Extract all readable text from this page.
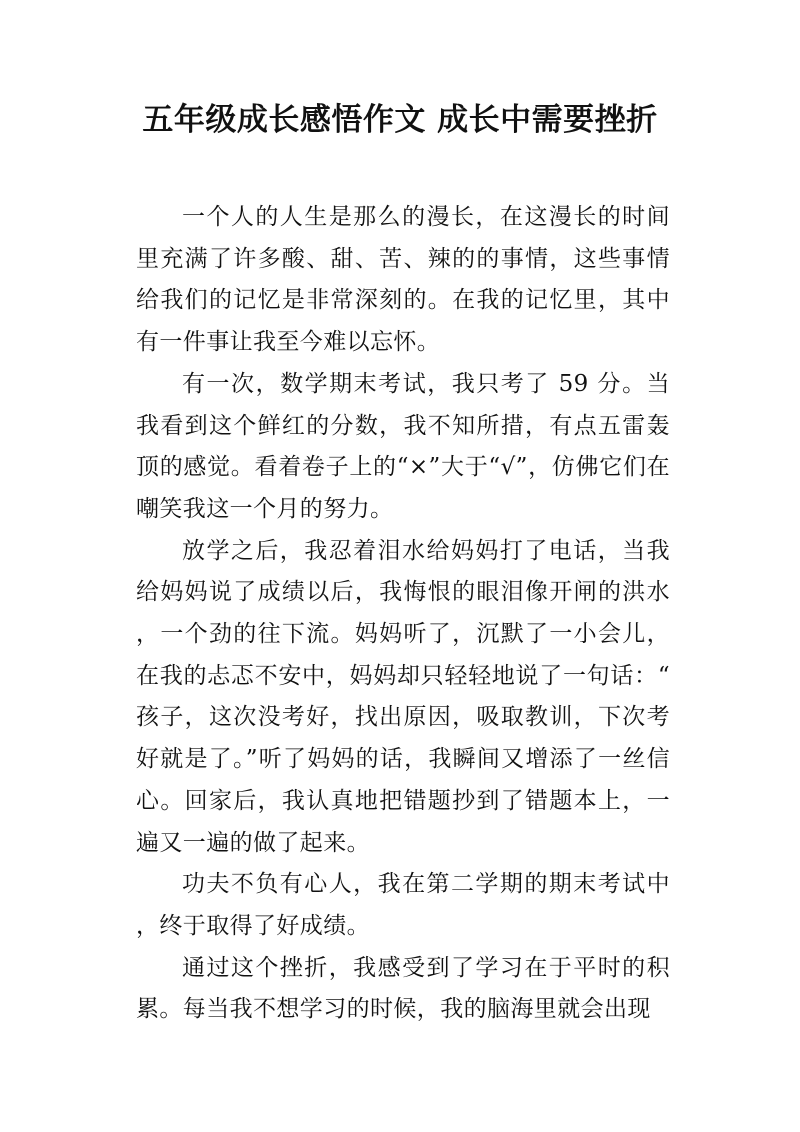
五年级成长感悟作文 成长中需要挫折

一个人的人生是那么的漫长，在这漫长的时间里充满了许多酸、甜、苦、辣的的事情，这些事情给我们的记忆是非常深刻的。在我的记忆里，其中有一件事让我至今难以忘怀。

有一次，数学期末考试，我只考了 59 分。当我看到这个鲜红的分数，我不知所措，有点五雷轰顶的感觉。看着卷子上的“×”大于“√”，仿佛它们在嘲笑我这一个月的努力。

放学之后，我忍着泪水给妈妈打了电话，当我给妈妈说了成绩以后，我悔恨的眼泪像开闸的洪水，一个劲的往下流。妈妈听了，沉默了一小会儿，在我的忐忑不安中，妈妈却只轻轻地说了一句话：“孩子，这次没考好，找出原因，吸取教训，下次考好就是了。”听了妈妈的话，我瞬间又增添了一丝信心。回家后，我认真地把错题抄到了错题本上，一遍又一遍的做了起来。

功夫不负有心人，我在第二学期的期末考试中，终于取得了好成绩。

通过这个挫折，我感受到了学习在于平时的积累。每当我不想学习的时候，我的脑海里就会出现
